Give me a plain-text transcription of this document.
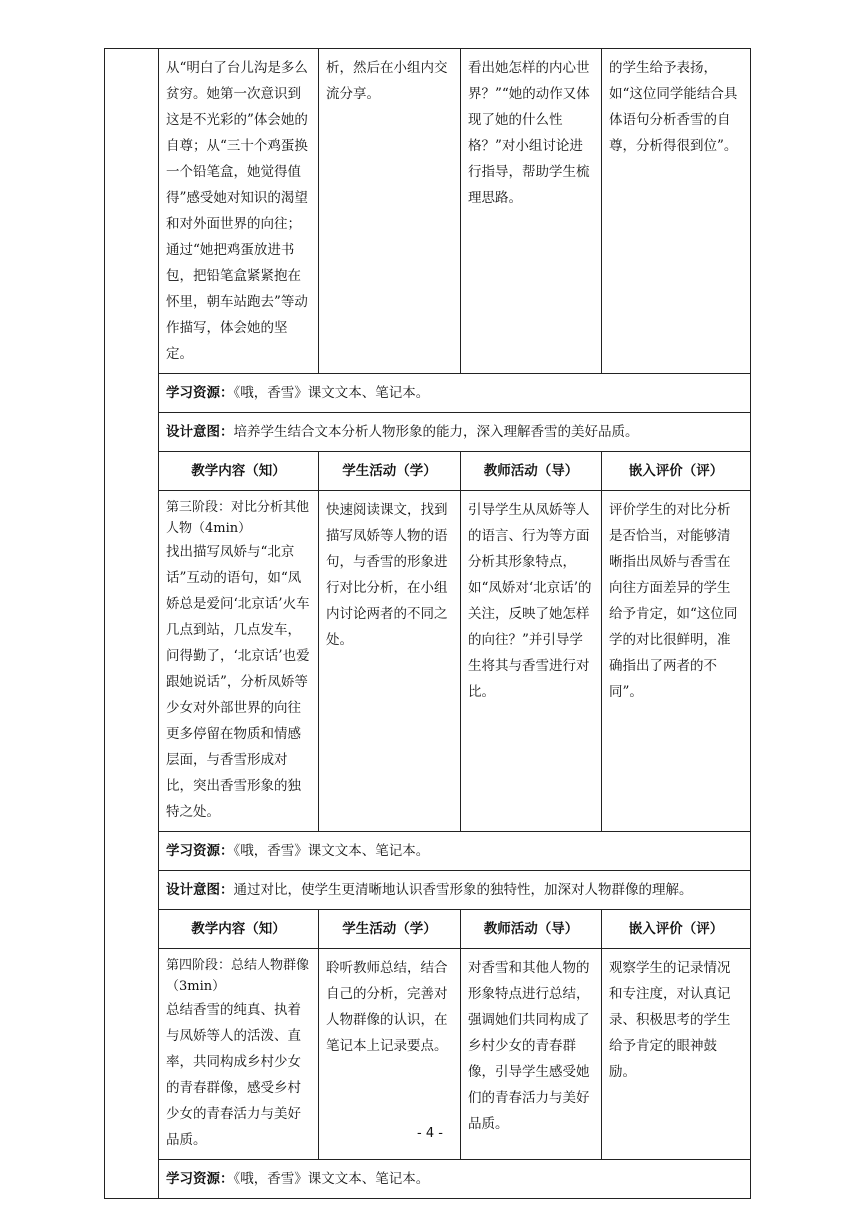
	从“明白了台儿沟是多么贫穷。她第一次意识到这是不光彩的”体会她的自尊；从“三十个鸡蛋换一个铅笔盒，她觉得值得”感受她对知识的渴望和对外面世界的向往；通过“她把鸡蛋放进书包，把铅笔盒紧紧抱在怀里，朝车站跑去”等动作描写，体会她的坚定。	析，然后在小组内交流分享。	看出她怎样的内心世界？”“她的动作又体现了她的什么性格？”对小组讨论进行指导，帮助学生梳理思路。	的学生给予表扬，如“这位同学能结合具体语句分析香雪的自尊，分析得很到位”。
	学习资源：《哦，香雪》课文文本、笔记本。			
	设计意图：培养学生结合文本分析人物形象的能力，深入理解香雪的美好品质。			
	教学内容（知）	学生活动（学）	教师活动（导）	嵌入评价（评）

	第三阶段：对比分析其他人物（4min）
找出描写凤娇与“北京话”互动的语句，如“凤娇总是爱问‘北京话’火车几点到站，几点发车，问得勤了，‘北京话’也爱跟她说话”，分析凤娇等少女对外部世界的向往更多停留在物质和情感层面，与香雪形成对比，突出香雪形象的独特之处。	快速阅读课文，找到描写凤娇等人物的语句，与香雪的形象进行对比分析，在小组内讨论两者的不同之处。	引导学生从凤娇等人的语言、行为等方面分析其形象特点，如“凤娇对‘北京话’的关注，反映了她怎样的向往？”并引导学生将其与香雪进行对比。	评价学生的对比分析是否恰当，对能够清晰指出凤娇与香雪在向往方面差异的学生给予肯定，如“这位同学的对比很鲜明，准确指出了两者的不同”。
	学习资源：《哦，香雪》课文文本、笔记本。			
	设计意图：通过对比，使学生更清晰地认识香雪形象的独特性，加深对人物群像的理解。			
	教学内容（知）	学生活动（学）	教师活动（导）	嵌入评价（评）

	第四阶段：总结人物群像（3min）
总结香雪的纯真、执着与凤娇等人的活泼、直率，共同构成乡村少女的青春群像，感受乡村少女的青春活力与美好品质。	聆听教师总结，结合自己的分析，完善对人物群像的认识，在笔记本上记录要点。	对香雪和其他人物的形象特点进行总结，强调她们共同构成了乡村少女的青春群像，引导学生感受她们的青春活力与美好品质。	观察学生的记录情况和专注度，对认真记录、积极思考的学生给予肯定的眼神鼓励。
	学习资源：《哦，香雪》课文文本、笔记本。			
- 4 -
